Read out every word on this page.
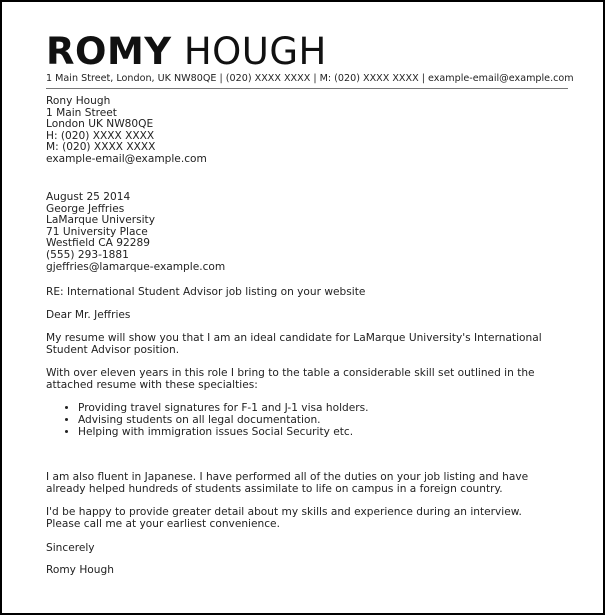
ROMY HOUGH
1 Main Street, London, UK NW80QE | (020) XXXX XXXX | M: (020) XXXX XXXX | example-email@example.com
Rony Hough
1 Main Street
London UK NW80QE
H: (020) XXXX XXXX
M: (020) XXXX XXXX
example-email@example.com
August 25 2014
George Jeffries
LaMarque University
71 University Place
Westfield CA 92289
(555) 293-1881
gjeffries@lamarque-example.com
RE: International Student Advisor job listing on your website
Dear Mr. Jeffries
My resume will show you that I am an ideal candidate for LaMarque University's International Student Advisor position.
With over eleven years in this role I bring to the table a considerable skill set outlined in the attached resume with these specialties:
• Providing travel signatures for F-1 and J-1 visa holders.
• Advising students on all legal documentation.
• Helping with immigration issues Social Security etc.
I am also fluent in Japanese. I have performed all of the duties on your job listing and have already helped hundreds of students assimilate to life on campus in a foreign country.
I'd be happy to provide greater detail about my skills and experience during an interview. Please call me at your earliest convenience.
Sincerely
Romy Hough
